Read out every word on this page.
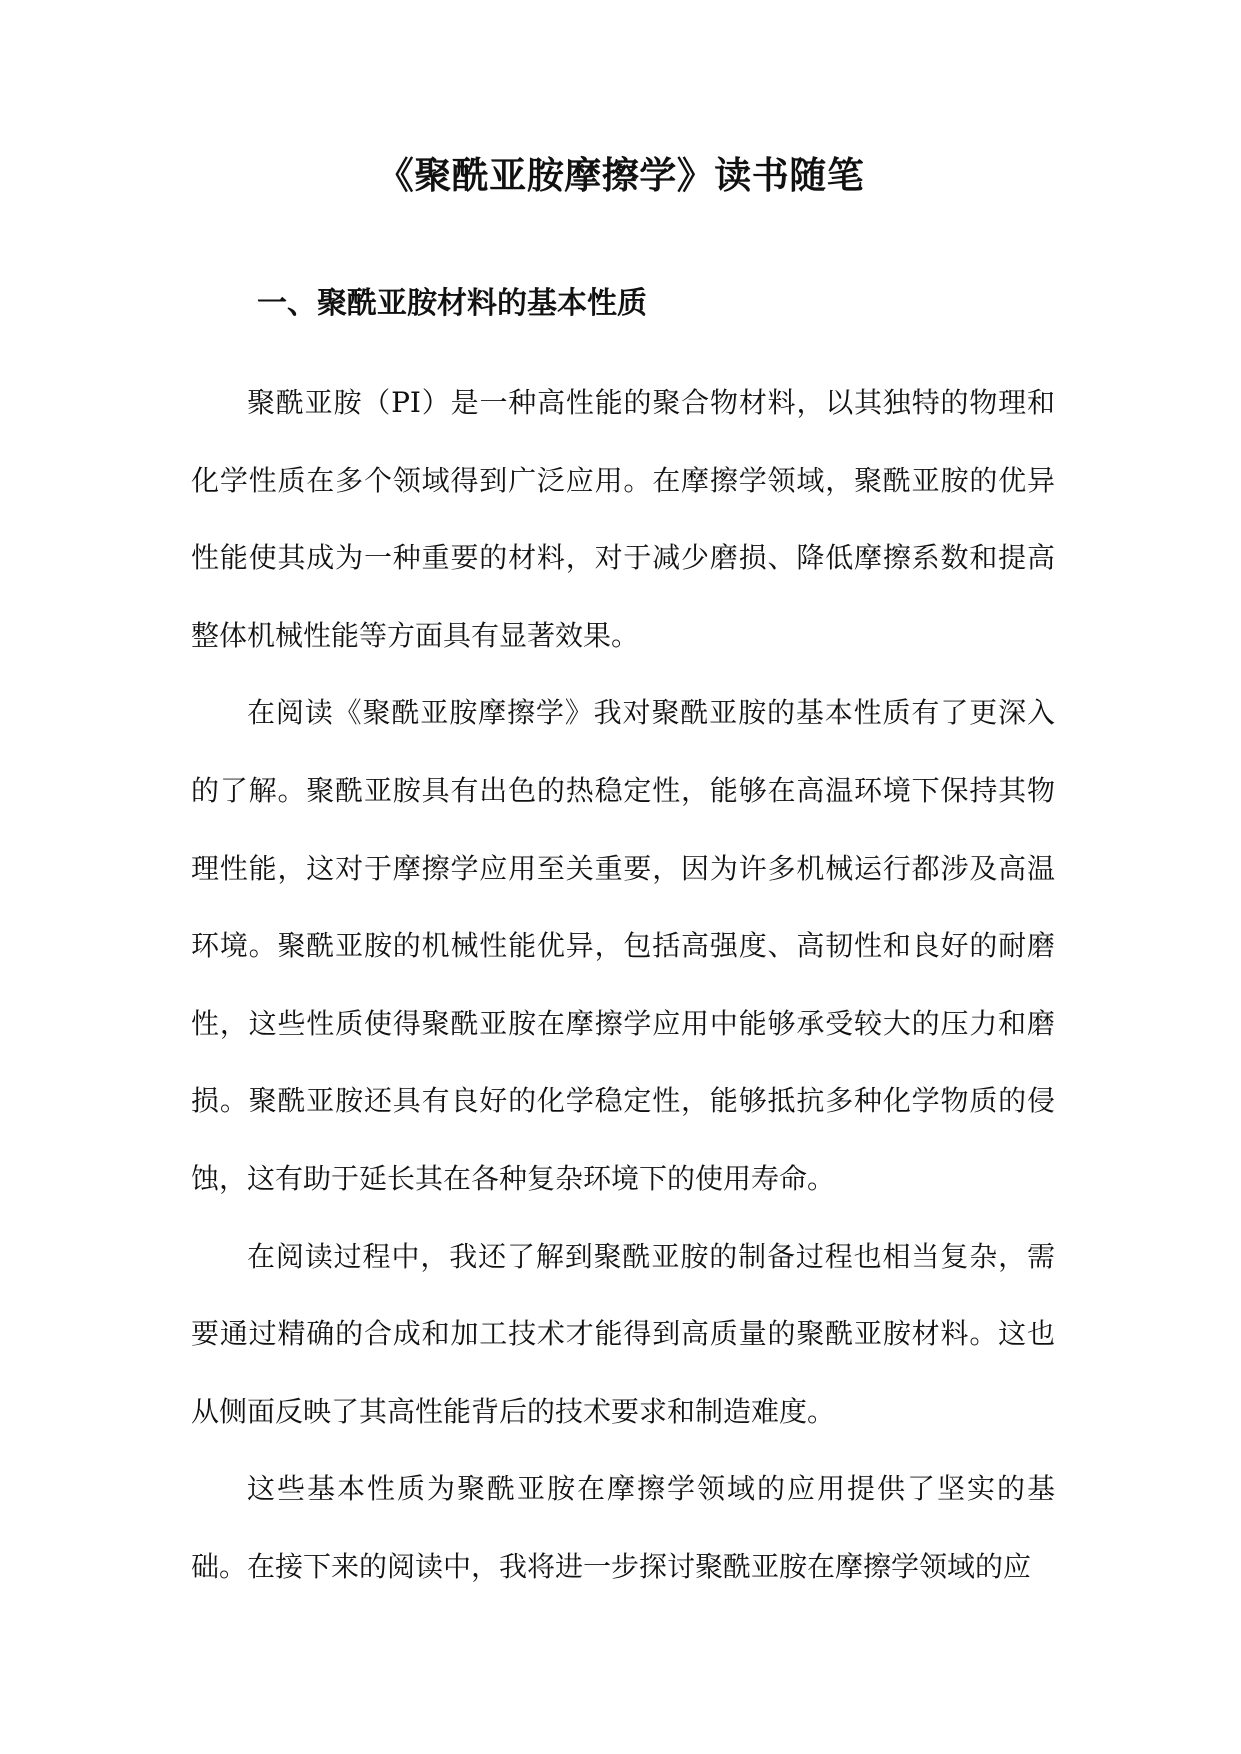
《聚酰亚胺摩擦学》读书随笔
一、聚酰亚胺材料的基本性质

聚酰亚胺（PI）是一种高性能的聚合物材料，以其独特的物理和化学性质在多个领域得到广泛应用。在摩擦学领域，聚酰亚胺的优异性能使其成为一种重要的材料，对于减少磨损、降低摩擦系数和提高整体机械性能等方面具有显著效果。

在阅读《聚酰亚胺摩擦学》我对聚酰亚胺的基本性质有了更深入的了解。聚酰亚胺具有出色的热稳定性，能够在高温环境下保持其物理性能，这对于摩擦学应用至关重要，因为许多机械运行都涉及高温环境。聚酰亚胺的机械性能优异，包括高强度、高韧性和良好的耐磨性，这些性质使得聚酰亚胺在摩擦学应用中能够承受较大的压力和磨损。聚酰亚胺还具有良好的化学稳定性，能够抵抗多种化学物质的侵蚀，这有助于延长其在各种复杂环境下的使用寿命。

在阅读过程中，我还了解到聚酰亚胺的制备过程也相当复杂，需要通过精确的合成和加工技术才能得到高质量的聚酰亚胺材料。这也从侧面反映了其高性能背后的技术要求和制造难度。

这些基本性质为聚酰亚胺在摩擦学领域的应用提供了坚实的基础。在接下来的阅读中，我将进一步探讨聚酰亚胺在摩擦学领域的应
